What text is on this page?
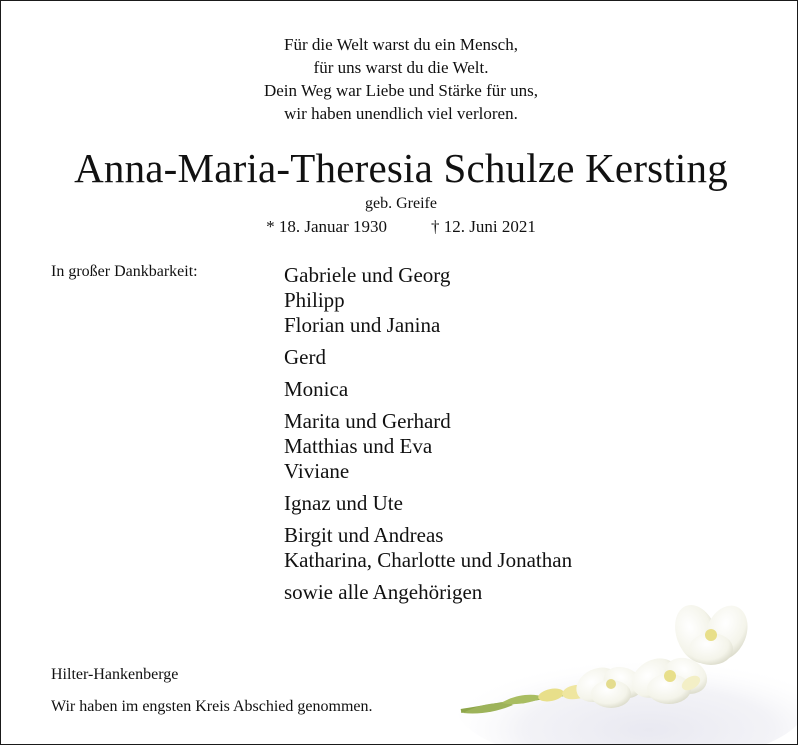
Für die Welt warst du ein Mensch,
für uns warst du die Welt.
Dein Weg war Liebe und Stärke für uns,
wir haben unendlich viel verloren.
Anna-Maria-Theresia Schulze Kersting
geb. Greife
* 18. Januar 1930	† 12. Juni 2021
In großer Dankbarkeit:	Gabriele und Georg
Philipp
Florian und Janina
Gerd
Monica
Marita und Gerhard
Matthias und Eva
Viviane
Ignaz und Ute
Birgit und Andreas
Katharina, Charlotte und Jonathan
sowie alle Angehörigen
Hilter-Hankenberge
Wir haben im engsten Kreis Abschied genommen.
